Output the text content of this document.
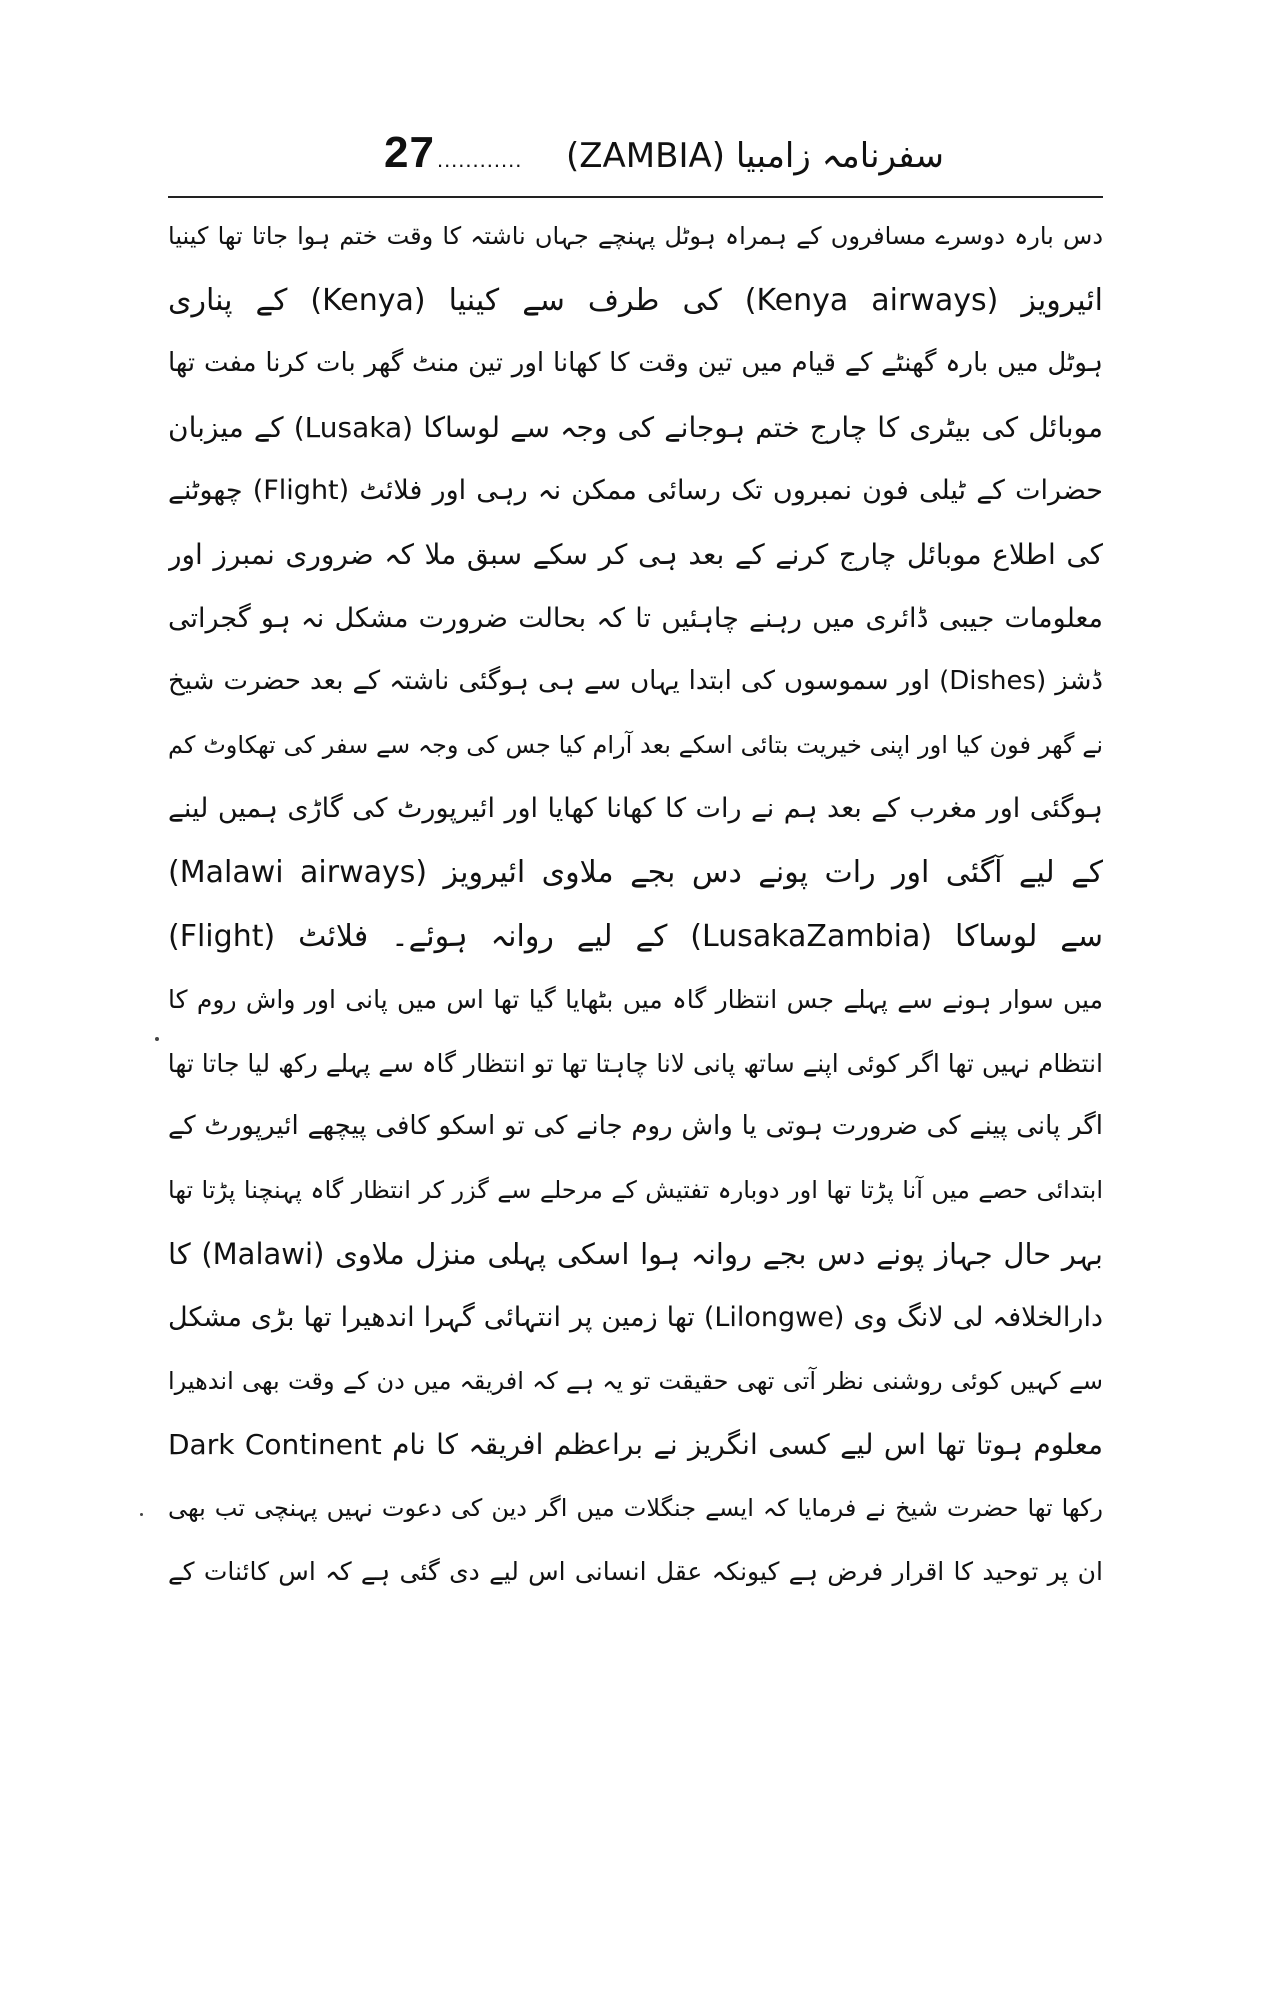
27 ............ سفرنامہ زامبیا (ZAMBIA)
دس بارہ دوسرے مسافروں کے ہمراہ ہوٹل پہنچے جہاں ناشتہ کا وقت ختم ہوا جاتا تھا کینیا
ائیرویز (Kenya airways) کی طرف سے کینیا (Kenya) کے پناری
ہوٹل میں بارہ گھنٹے کے قیام میں تین وقت کا کھانا اور تین منٹ گھر بات کرنا مفت تھا
موبائل کی بیٹری کا چارج ختم ہوجانے کی وجہ سے لوساکا (Lusaka) کے میزبان
حضرات کے ٹیلی فون نمبروں تک رسائی ممکن نہ رہی اور فلائٹ (Flight) چھوٹنے
کی اطلاع موبائل چارج کرنے کے بعد ہی کر سکے سبق ملا کہ ضروری نمبرز اور
معلومات جیبی ڈائری میں رہنے چاہئیں تا کہ بحالت ضرورت مشکل نہ ہو گجراتی
ڈشز (Dishes) اور سموسوں کی ابتدا یہاں سے ہی ہوگئی ناشتہ کے بعد حضرت شیخ
نے گھر فون کیا اور اپنی خیریت بتائی اسکے بعد آرام کیا جس کی وجہ سے سفر کی تھکاوٹ کم
ہوگئی اور مغرب کے بعد ہم نے رات کا کھانا کھایا اور ائیرپورٹ کی گاڑی ہمیں لینے
کے لیے آگئی اور رات پونے دس بجے ملاوی ائیرویز (Malawi airways)
سے لوساکا (LusakaZambia) کے لیے روانہ ہوئے۔ فلائٹ (Flight)
میں سوار ہونے سے پہلے جس انتظار گاہ میں بٹھایا گیا تھا اس میں پانی اور واش روم کا
انتظام نہیں تھا اگر کوئی اپنے ساتھ پانی لانا چاہتا تھا تو انتظار گاہ سے پہلے رکھ لیا جاتا تھا
اگر پانی پینے کی ضرورت ہوتی یا واش روم جانے کی تو اسکو کافی پیچھے ائیرپورٹ کے
ابتدائی حصے میں آنا پڑتا تھا اور دوبارہ تفتیش کے مرحلے سے گزر کر انتظار گاہ پہنچنا پڑتا تھا
بہر حال جہاز پونے دس بجے روانہ ہوا اسکی پہلی منزل ملاوی (Malawi) کا
دارالخلافہ لی لانگ وی (Lilongwe) تھا زمین پر انتہائی گہرا اندھیرا تھا بڑی مشکل
سے کہیں کوئی روشنی نظر آتی تھی حقیقت تو یہ ہے کہ افریقہ میں دن کے وقت بھی اندھیرا
معلوم ہوتا تھا اس لیے کسی انگریز نے براعظم افریقہ کا نام Dark Continent
رکھا تھا حضرت شیخ نے فرمایا کہ ایسے جنگلات میں اگر دین کی دعوت نہیں پہنچی تب بھی
ان پر توحید کا اقرار فرض ہے کیونکہ عقل انسانی اس لیے دی گئی ہے کہ اس کائنات کے
